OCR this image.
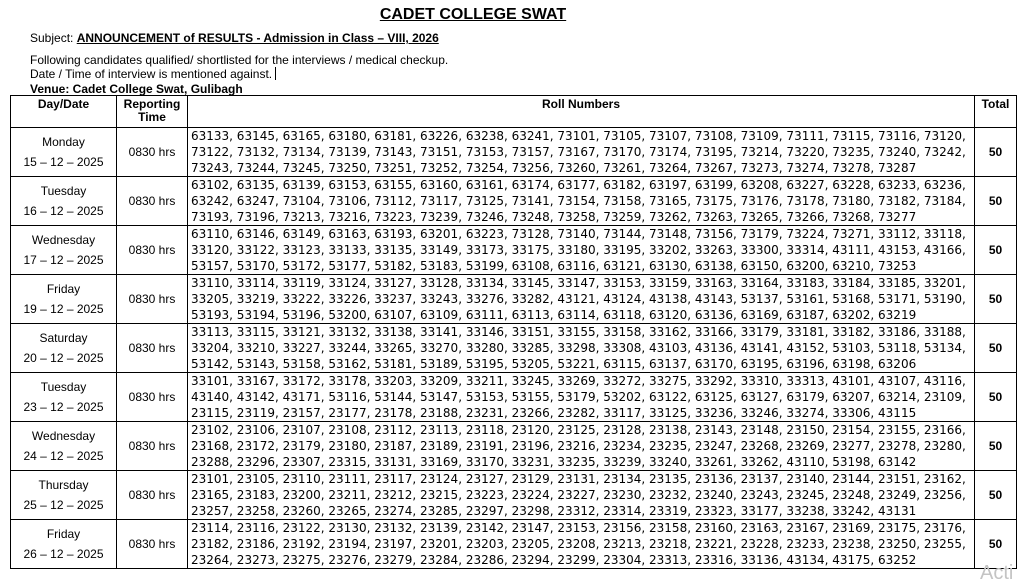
CADET COLLEGE SWAT
Subject: ANNOUNCEMENT of RESULTS - Admission in Class – VIII, 2026
Following candidates qualified/ shortlisted for the interviews / medical checkup.
Date / Time of interview is mentioned against.
Venue: Cadet College Swat, Gulibagh
Day/Date	Reporting Time	Roll Numbers	Total
Monday
15 – 12 – 2025	0830 hrs	63133, 63145, 63165, 63180, 63181, 63226, 63238, 63241, 73101, 73105, 73107, 73108, 73109, 73111, 73115, 73116, 73120, 73122, 73132, 73134, 73139, 73143, 73151, 73153, 73157, 73167, 73170, 73174, 73195, 73214, 73220, 73235, 73240, 73242, 73243, 73244, 73245, 73250, 73251, 73252, 73254, 73256, 73260, 73261, 73264, 73267, 73273, 73274, 73278, 73287	50
Tuesday
16 – 12 – 2025	0830 hrs	63102, 63135, 63139, 63153, 63155, 63160, 63161, 63174, 63177, 63182, 63197, 63199, 63208, 63227, 63228, 63233, 63236, 63242, 63247, 73104, 73106, 73112, 73117, 73125, 73141, 73154, 73158, 73165, 73175, 73176, 73178, 73180, 73182, 73184, 73193, 73196, 73213, 73216, 73223, 73239, 73246, 73248, 73258, 73259, 73262, 73263, 73265, 73266, 73268, 73277	50
Wednesday
17 – 12 – 2025	0830 hrs	63110, 63146, 63149, 63163, 63193, 63201, 63223, 73128, 73140, 73144, 73148, 73156, 73179, 73224, 73271, 33112, 33118, 33120, 33122, 33123, 33133, 33135, 33149, 33173, 33175, 33180, 33195, 33202, 33263, 33300, 33314, 43111, 43153, 43166, 53157, 53170, 53172, 53177, 53182, 53183, 53199, 63108, 63116, 63121, 63130, 63138, 63150, 63200, 63210, 73253	50
Friday
19 – 12 – 2025	0830 hrs	33110, 33114, 33119, 33124, 33127, 33128, 33134, 33145, 33147, 33153, 33159, 33163, 33164, 33183, 33184, 33185, 33201, 33205, 33219, 33222, 33226, 33237, 33243, 33276, 33282, 43121, 43124, 43138, 43143, 53137, 53161, 53168, 53171, 53190, 53193, 53194, 53196, 53200, 63107, 63109, 63111, 63113, 63114, 63118, 63120, 63136, 63169, 63187, 63202, 63219	50
Saturday
20 – 12 – 2025	0830 hrs	33113, 33115, 33121, 33132, 33138, 33141, 33146, 33151, 33155, 33158, 33162, 33166, 33179, 33181, 33182, 33186, 33188, 33204, 33210, 33227, 33244, 33265, 33270, 33280, 33285, 33298, 33308, 43103, 43136, 43141, 43152, 53103, 53118, 53134, 53142, 53143, 53158, 53162, 53181, 53189, 53195, 53205, 53221, 63115, 63137, 63170, 63195, 63196, 63198, 63206	50
Tuesday
23 – 12 – 2025	0830 hrs	33101, 33167, 33172, 33178, 33203, 33209, 33211, 33245, 33269, 33272, 33275, 33292, 33310, 33313, 43101, 43107, 43116, 43140, 43142, 43171, 53116, 53144, 53147, 53153, 53155, 53179, 53202, 63122, 63125, 63127, 63179, 63207, 63214, 23109, 23115, 23119, 23157, 23177, 23178, 23188, 23231, 23266, 23282, 33117, 33125, 33236, 33246, 33274, 33306, 43115	50
Wednesday
24 – 12 – 2025	0830 hrs	23102, 23106, 23107, 23108, 23112, 23113, 23118, 23120, 23125, 23128, 23138, 23143, 23148, 23150, 23154, 23155, 23166, 23168, 23172, 23179, 23180, 23187, 23189, 23191, 23196, 23216, 23234, 23235, 23247, 23268, 23269, 23277, 23278, 23280, 23288, 23296, 23307, 23315, 33131, 33169, 33170, 33231, 33235, 33239, 33240, 33261, 33262, 43110, 53198, 63142	50
Thursday
25 – 12 – 2025	0830 hrs	23101, 23105, 23110, 23111, 23117, 23124, 23127, 23129, 23131, 23134, 23135, 23136, 23137, 23140, 23144, 23151, 23162, 23165, 23183, 23200, 23211, 23212, 23215, 23223, 23224, 23227, 23230, 23232, 23240, 23243, 23245, 23248, 23249, 23256, 23257, 23258, 23260, 23265, 23274, 23285, 23297, 23298, 23312, 23314, 23319, 23323, 33177, 33238, 33242, 43131	50
Friday
26 – 12 – 2025	0830 hrs	23114, 23116, 23122, 23130, 23132, 23139, 23142, 23147, 23153, 23156, 23158, 23160, 23163, 23167, 23169, 23175, 23176, 23182, 23186, 23192, 23194, 23197, 23201, 23203, 23205, 23208, 23213, 23218, 23221, 23228, 23233, 23238, 23250, 23255, 23264, 23273, 23275, 23276, 23279, 23284, 23286, 23294, 23299, 23304, 23313, 23316, 33136, 43134, 43175, 63252	50
Acti
